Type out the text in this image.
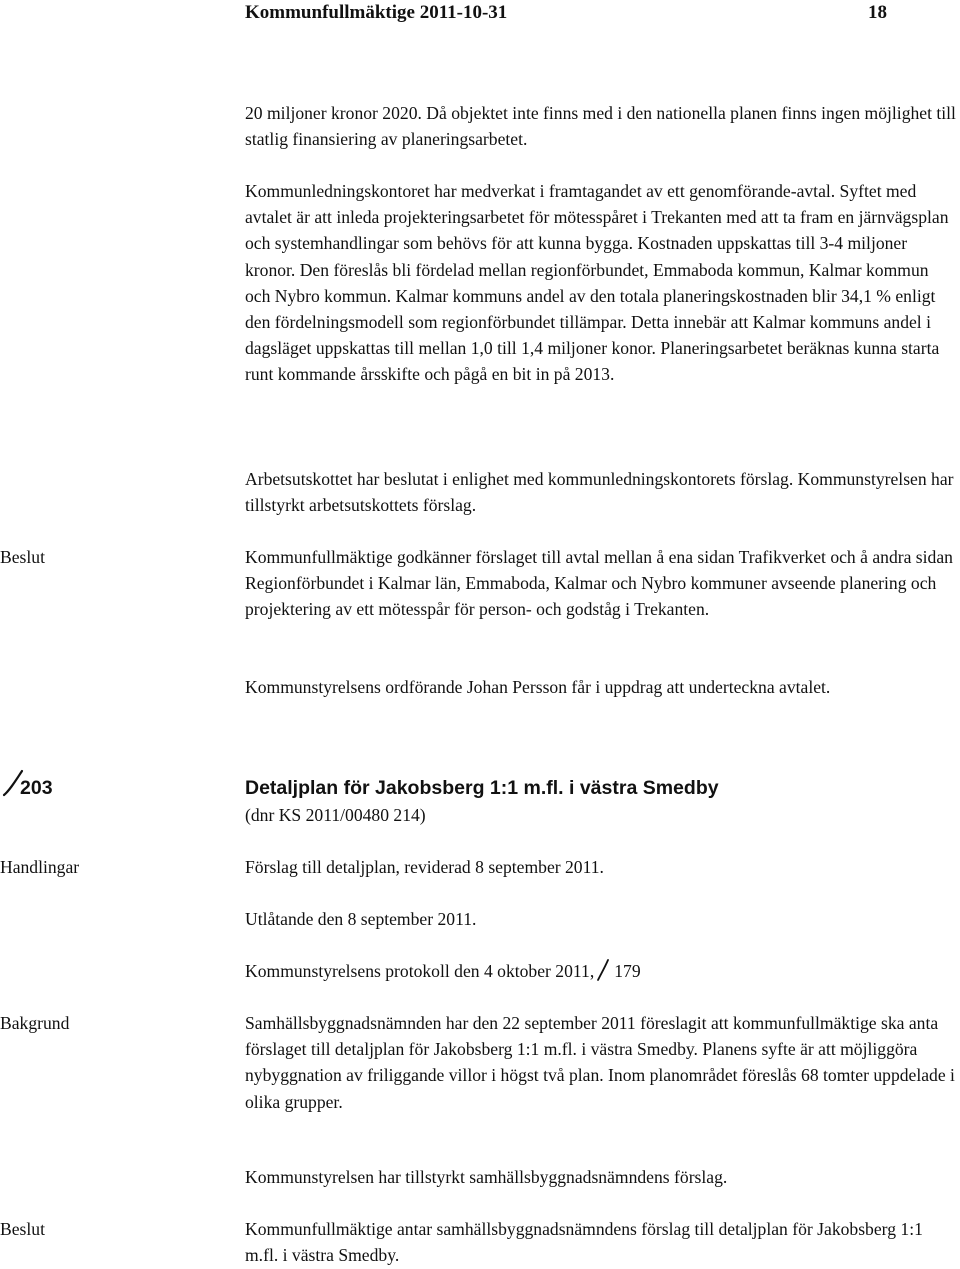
Kommunfullmäktige 2011-10-31	18

20 miljoner kronor 2020. Då objektet inte finns med i den nationella planen finns ingen möjlighet till statlig finansiering av planeringsarbetet.

Kommunledningskontoret har medverkat i framtagandet av ett genomförande-avtal. Syftet med avtalet är att inleda projekteringsarbetet för mötesspåret i Trekanten med att ta fram en järnvägsplan och systemhandlingar som behövs för att kunna bygga. Kostnaden uppskattas till 3-4 miljoner kronor. Den föreslås bli fördelad mellan regionförbundet, Emmaboda kommun, Kalmar kommun och Nybro kommun. Kalmar kommuns andel av den totala planeringskostnaden blir 34,1 % enligt den fördelningsmodell som regionförbundet tillämpar. Detta innebär att Kalmar kommuns andel i dagsläget uppskattas till mellan 1,0 till 1,4 miljoner konor. Planeringsarbetet beräknas kunna starta runt kommande årsskifte och pågå en bit in på 2013.

Arbetsutskottet har beslutat i enlighet med kommunledningskontorets förslag. Kommunstyrelsen har tillstyrkt arbetsutskottets förslag.

Beslut	Kommunfullmäktige godkänner förslaget till avtal mellan å ena sidan Trafikverket och å andra sidan Regionförbundet i Kalmar län, Emmaboda, Kalmar och Nybro kommuner avseende planering och projektering av ett mötesspår för person- och godståg i Trekanten.

Kommunstyrelsens ordförande Johan Persson får i uppdrag att underteckna avtalet.

203	Detaljplan för Jakobsberg 1:1 m.fl. i västra Smedby
(dnr KS 2011/00480 214)
Handlingar	Förslag till detaljplan, reviderad 8 september 2011.

Utlåtande den 8 september 2011.

Kommunstyrelsens protokoll den 4 oktober 2011, 179

Bakgrund	Samhällsbyggnadsnämnden har den 22 september 2011 föreslagit att kommunfullmäktige ska anta förslaget till detaljplan för Jakobsberg 1:1 m.fl. i västra Smedby. Planens syfte är att möjliggöra nybyggnation av friliggande villor i högst två plan. Inom planområdet föreslås 68 tomter uppdelade i olika grupper.

Kommunstyrelsen har tillstyrkt samhällsbyggnadsnämndens förslag.

Beslut	Kommunfullmäktige antar samhällsbyggnadsnämndens förslag till detaljplan för Jakobsberg 1:1 m.fl. i västra Smedby.
